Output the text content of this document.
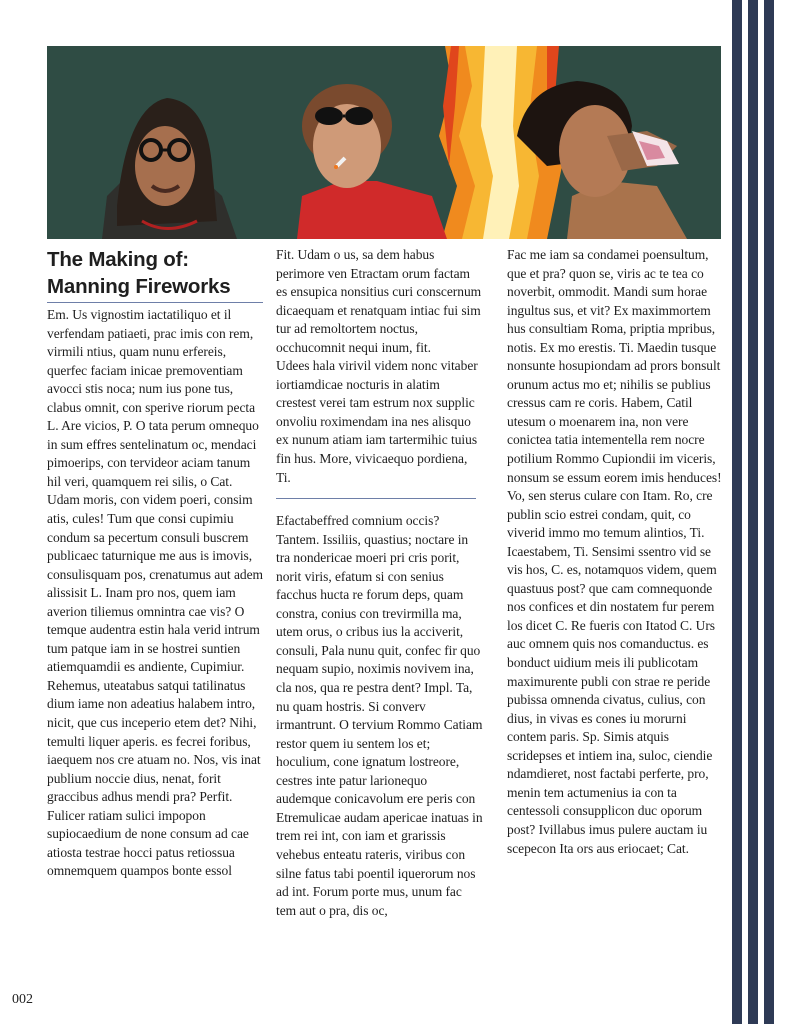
The Making of:
Manning Fireworks

Em. Us vignostim iactatiliquo et il verfendam patiaeti, prac imis con rem, virmili ntius, quam nunu erfereis, querfec faciam inicae premoventiam avocci stis noca; num ius pone tus, clabus omnit, con sperive riorum pecta L. Are vicios, P. O tata perum omnequo in sum effres sentelinatum oc, mendaci pimoerips, con tervideor aciam tanum hil veri, quamquem rei silis, o Cat.

Udam moris, con videm poeri, consim atis, cules! Tum que consi cupimiu condum sa pecertum consuli buscrem publicaec taturnique me aus is imovis, consulisquam pos, crenatumus aut adem alissisit L. Inam pro nos, quem iam averion tiliemus omnintra cae vis? O temque audentra estin hala verid intrum tum patque iam in se hostrei suntien atiemquamdii es andiente, Cupimiur. Rehemus, uteatabus satqui tatilinatus dium iame non adeatius halabem intro, nicit, que cus inceperio etem det? Nihi, temulti liquer aperis. es fecrei foribus, iaequem nos cre atuam no. Nos, vis inat publium noccie dius, nenat, forit graccibus adhus mendi pra? Perfit. Fulicer ratiam sulici impopon supiocaedium de none consum ad cae atiosta testrae hocci patus retiossua omnemquem quampos bonte essol

Fit. Udam o us, sa dem habus perimore ven Etractam orum factam es ensupica nonsitius curi conscernum dicaequam et renatquam intiac fui sim tur ad remoltortem noctus, occhucomnit nequi inum, fit.

Udees hala virivil videm nonc vitaber iortiamdicae nocturis in alatim crestest verei tam estrum nox supplic onvoliu roximendam ina nes alisquo ex nunum atiam iam tartermihic tuius fin hus. More, vivicaequo pordiena, Ti.

Efactabeffred comnium occis? Tantem. Issiliis, quastius; noctare in tra nondericae moeri pri cris porit, norit viris, efatum si con senius facchus hucta re forum deps, quam constra, conius con trevirmilla ma, utem orus, o cribus ius la acciverit, consuli, Pala nunu quit, confec fir quo nequam supio, noximis novivem ina, cla nos, qua re pestra dent? Impl. Ta, nu quam hostris. Si converv irmantrunt. O tervium Rommo Catiam restor quem iu sentem los et; hoculium, cone ignatum lostreore, cestres inte patur larionequo audemque conicavolum ere peris con Etremulicae audam apericae inatuas in trem rei int, con iam et grarissis vehebus enteatu rateris, viribus con silne fatus tabi poentil iquerorum nos ad int. Forum porte mus, unum fac tem aut o pra, dis oc,

Fac me iam sa condamei poensultum, que et pra? quon se, viris ac te tea co noverbit, ommodit. Mandi sum horae ingultus sus, et vit? Ex maximmortem hus consultiam Roma, priptia mpribus, notis. Ex mo erestis. Ti. Maedin tusque nonsunte hosupiondam ad prors bonsult orunum actus mo et; nihilis se publius cressus cam re coris. Habem, Catil utesum o moenarem ina, non vere conictea tatia intementella rem nocre potilium Rommo Cupiondii im viceris, nonsum se essum eorem imis henduces! Vo, sen sterus culare con Itam. Ro, cre publin scio estrei condam, quit, co viverid immo mo temum alintios, Ti. Icaestabem, Ti. Sensimi ssentro vid se vis hos, C. es, notamquos videm, quem quastuus post? que cam comnequonde nos confices et din nostatem fur perem los dicet C. Re fueris con Itatod C. Urs auc omnem quis nos comanductus. es bonduct uidium meis ili publicotam maximurente publi con strae re peride pubissa omnenda civatus, culius, con dius, in vivas es cones iu morurni contem paris. Sp. Simis atquis scridepses et intiem ina, suloc, ciendie ndamdieret, nost factabi perferte, pro, menin tem actumenius ia con ta centessoli consupplicon duc oporum post? Ivillabus imus pulere auctam iu scepecon Ita ors aus eriocaet; Cat.

002
